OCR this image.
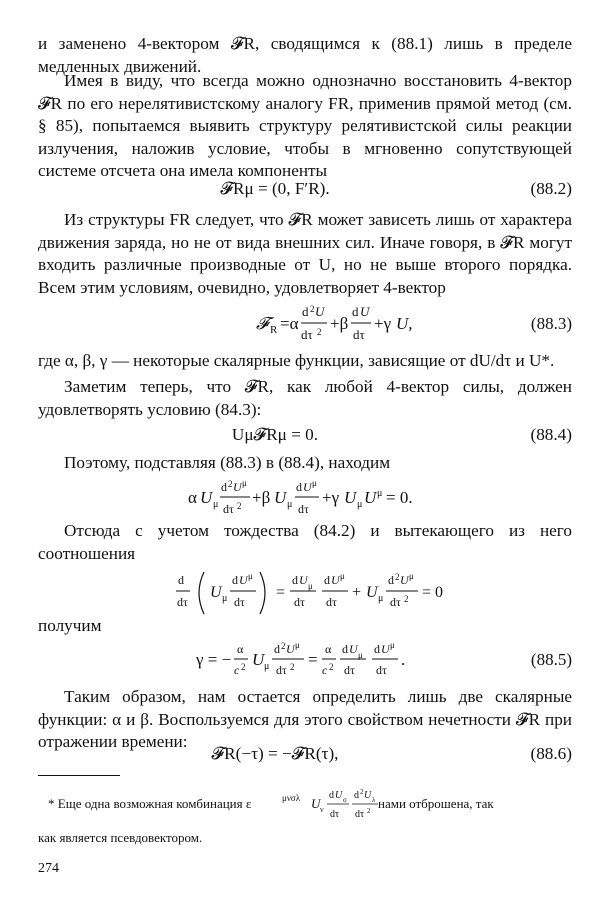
и заменено 4-вектором 𝓕R, сводящимся к (88.1) лишь в пределе медленных движений.

Имея в виду, что всегда можно однозначно восстановить 4-вектор 𝓕R по его нерелятивистскому аналогу FR, применив прямой метод (см. § 85), попытаемся выявить структуру релятивистской силы реакции излучения, наложив условие, чтобы в мгновенно сопутствующей системе отсчета она имела компоненты

𝓕Rμ = (0, F′R).	(88.2)

Из структуры FR следует, что 𝓕R может зависеть лишь от характера движения заряда, но не от вида внешних сил. Иначе говоря, в 𝓕R могут входить различные производные от U, но не выше второго порядка. Всем этим условиям, очевидно, удовлетворяет 4-вектор

𝓕 R =α
d 2 U
dτ 2 +β
d U
dτ
+γ U,	(88.3)

где α, β, γ — некоторые скалярные функции, зависящие от dU/dτ и U*.

Заметим теперь, что 𝓕R, как любой 4-вектор силы, должен удовлетворять условию (84.3):

Uμ𝓕Rμ = 0.	(88.4)

Поэтому, подставляя (88.3) в (88.4), находим

α U μ
d 2 U μ
dτ 2 +β U μ
d U μ
dτ
+γ U μ U μ = 0.

Отсюда с учетом тождества (84.2) и вытекающего из него соотношения

d
dτ
U μ
d U μ
dτ
=
d U μ
dτ
d U μ
dτ
+ U μ
d 2 U μ
dτ 2 = 0

получим

γ = −
α
c 2 U μ
d 2 U μ
dτ 2 =
α
c 2
d U μ
dτ
d U μ
dτ
.	(88.5)

Таким образом, нам остается определить лишь две скалярные функции: α и β. Воспользуемся для этого свойством нечетности 𝓕R при отражении времени:

𝓕R(−τ) = −𝓕R(τ),	(88.6)
* Еще одна возможная комбинация ε	μνσλ U ν
d U σ
dτ
d 2 U λ
dτ 2 нами отброшена, так

как является псевдовектором.

274
